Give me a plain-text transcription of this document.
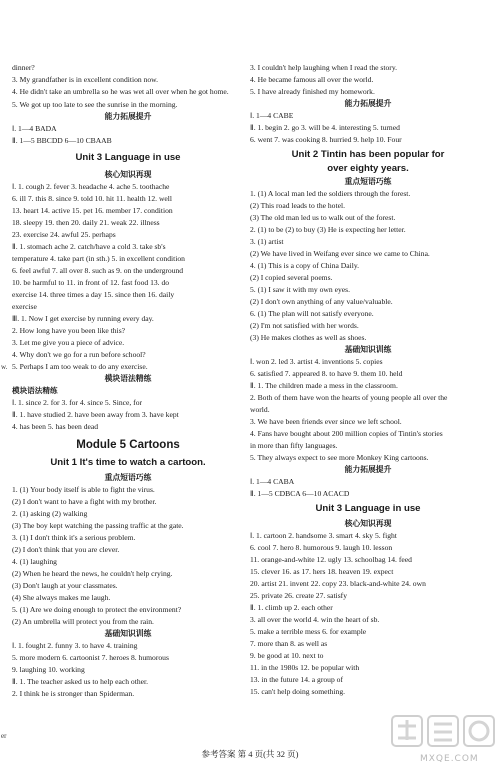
dinner?
3. My grandfather is in excellent condition now.
4. He didn't take an umbrella so he was wet all over when he got home.
5. We got up too late to see the sunrise in the morning.
能力拓展提升
Ⅰ. 1—4 BADA
Ⅱ. 1—5 BBCDD 6—10 CBAAB
Unit 3 Language in use
核心知识再现
Ⅰ. 1. cough 2. fever 3. headache 4. ache 5. toothache
6. ill 7. this 8. since 9. told 10. hit 11. health 12. well
13. heart 14. active 15. pet 16. member 17. condition
18. sleepy 19. then 20. daily 21. weak 22. illness
23. exercise 24. awful 25. perhaps
Ⅱ. 1. stomach ache 2. catch/have a cold 3. take sb's
temperature 4. take part (in sth.) 5. in excellent condition
6. feel awful 7. all over 8. such as 9. on the underground
10. be harmful to 11. in front of 12. fast food 13. do
exercise 14. three times a day 15. since then 16. daily
exercise
Ⅲ. 1. Now I get exercise by running every day.
2. How long have you been like this?
3. Let me give you a piece of advice.
4. Why don't we go for a run before school?
5. Perhaps I am too weak to do any exercise.
模块语法精练
模块语法精练
Ⅰ. 1. since 2. for 3. for 4. since 5. Since, for
Ⅱ. 1. have studied 2. have been away from 3. have kept
4. has been 5. has been dead
Module 5 Cartoons
Unit 1 It's time to watch a cartoon.
重点短语巧练
1. (1) Your body itself is able to fight the virus.
(2) I don't want to have a fight with my brother.
2. (1) asking (2) walking
(3) The boy kept watching the passing traffic at the gate.
3. (1) I don't think it's a serious problem.
(2) I don't think that you are clever.
4. (1) laughing
(2) When he heard the news, he couldn't help crying.
(3) Don't laugh at your classmates.
(4) She always makes me laugh.
5. (1) Are we doing enough to protect the environment?
(2) An umbrella will protect you from the rain.
基础知识训练
Ⅰ. 1. fought 2. funny 3. to have 4. training
5. more modern 6. cartoonist 7. heroes 8. humorous
9. laughing 10. working
Ⅱ. 1. The teacher asked us to help each other.
2. I think he is stronger than Spiderman.
3. I couldn't help laughing when I read the story.
4. He became famous all over the world.
5. I have already finished my homework.
能力拓展提升
Ⅰ. 1—4 CABE
Ⅱ. 1. begin 2. go 3. will be 4. interesting 5. turned
6. went 7. was cooking 8. hurried 9. help 10. Four
Unit 2 Tintin has been popular for
over eighty years.
重点短语巧练
1. (1) A local man led the soldiers through the forest.
(2) This road leads to the hotel.
(3) The old man led us to walk out of the forest.
2. (1) to be (2) to buy (3) He is expecting her letter.
3. (1) artist
(2) We have lived in Weifang ever since we came to China.
4. (1) This is a copy of China Daily.
(2) I copied several poems.
5. (1) I saw it with my own eyes.
(2) I don't own anything of any value/valuable.
6. (1) The plan will not satisfy everyone.
(2) I'm not satisfied with her words.
(3) He makes clothes as well as shoes.
基础知识训练
Ⅰ. won 2. led 3. artist 4. inventions 5. copies
6. satisfied 7. appeared 8. to have 9. them 10. held
Ⅱ. 1. The children made a mess in the classroom.
2. Both of them have won the hearts of young people all over the
world.
3. We have been friends ever since we left school.
4. Fans have bought about 200 million copies of Tintin's stories
in more than fifty languages.
5. They always expect to see more Monkey King cartoons.
能力拓展提升
Ⅰ. 1—4 CABA
Ⅱ. 1—5 CDBCA 6—10 ACACD
Unit 3 Language in use
核心知识再现
Ⅰ. 1. cartoon 2. handsome 3. smart 4. sky 5. fight
6. cool 7. hero 8. humorous 9. laugh 10. lesson
11. orange-and-white 12. ugly 13. schoolbag 14. feed
15. clever 16. as 17. hers 18. heaven 19. expect
20. artist 21. invent 22. copy 23. black-and-white 24. own
25. private 26. create 27. satisfy
Ⅱ. 1. climb up 2. each other
3. all over the world 4. win the heart of sb.
5. make a terrible mess 6. for example
7. more than 8. as well as
9. be good at 10. next to
11. in the 1980s 12. be popular with
13. in the future 14. a group of
15. can't help doing something.
w.
er
参考答案 第 4 页(共 32 页)	MXQE.COM
